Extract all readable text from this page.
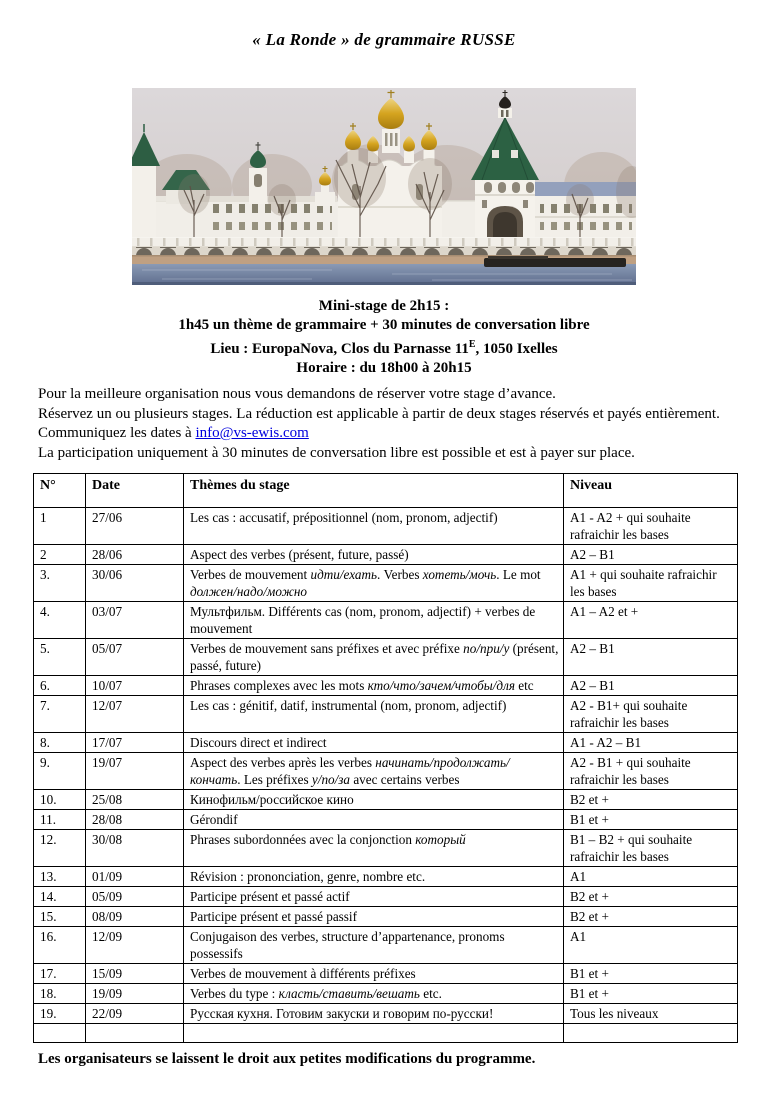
« La Ronde » de grammaire RUSSE
Mini-stage de 2h15 :
1h45 un thème de grammaire + 30 minutes de conversation libre
Lieu : EuropaNova, Clos du Parnasse $11^E$, 1050 Ixelles
Horaire : du 18h00 à 20h15
Pour la meilleure organisation nous vous demandons de réserver votre stage d’avance.
Réservez un ou plusieurs stages. La réduction est applicable à partir de deux stages réservés et payés entièrement. Communiquez les dates à info@vs-ewis.com
La participation uniquement à 30 minutes de conversation libre est possible et est à payer sur place.
N°	Date	Thèmes du stage	Niveau
1	27/06	Les cas : accusatif, prépositionnel (nom, pronom, adjectif)	A1 - A2 + qui souhaite rafraichir les bases
2	28/06	Aspect des verbes (présent, future, passé)	A2 – B1
3.	30/06	Verbes de mouvement идти/ехать. Verbes хотеть/мочь. Le mot должен/надо/можно	A1 + qui souhaite rafraichir les bases
4.	03/07	Мультфильм. Différents cas (nom, pronom, adjectif) + verbes de mouvement	A1 – A2 et +
5.	05/07	Verbes de mouvement sans préfixes et avec préfixe по/при/у (présent, passé, future)	A2 – B1
6.	10/07	Phrases complexes avec les mots кто/что/зачем/чтобы/для etc	A2 – B1
7.	12/07	Les cas : génitif, datif, instrumental (nom, pronom, adjectif)	A2 - B1+ qui souhaite rafraichir les bases
8.	17/07	Discours direct et indirect	A1 - A2 – B1
9.	19/07	Aspect des verbes après les verbes начинать/продолжать/кончать. Les préfixes у/по/за avec certains verbes	A2 - B1 + qui souhaite rafraichir les bases
10.	25/08	Кинофильм/российское кино	B2 et +
11.	28/08	Gérondif	B1 et +
12.	30/08	Phrases subordonnées avec la conjonction который	B1 – B2 + qui souhaite rafraichir les bases
13.	01/09	Révision : prononciation, genre, nombre etc.	A1
14.	05/09	Participe présent et passé actif	B2 et +
15.	08/09	Participe présent et passé passif	B2 et +
16.	12/09	Conjugaison des verbes, structure d’appartenance, pronoms possessifs	A1
17.	15/09	Verbes de mouvement à différents préfixes	B1 et +
18.	19/09	Verbes du type : класть/ставить/вешать etc.	B1 et +
19.	22/09	Русская кухня. Готовим закуски и говорим по-русски!	Tous les niveaux

Les organisateurs se laissent le droit aux petites modifications du programme.
